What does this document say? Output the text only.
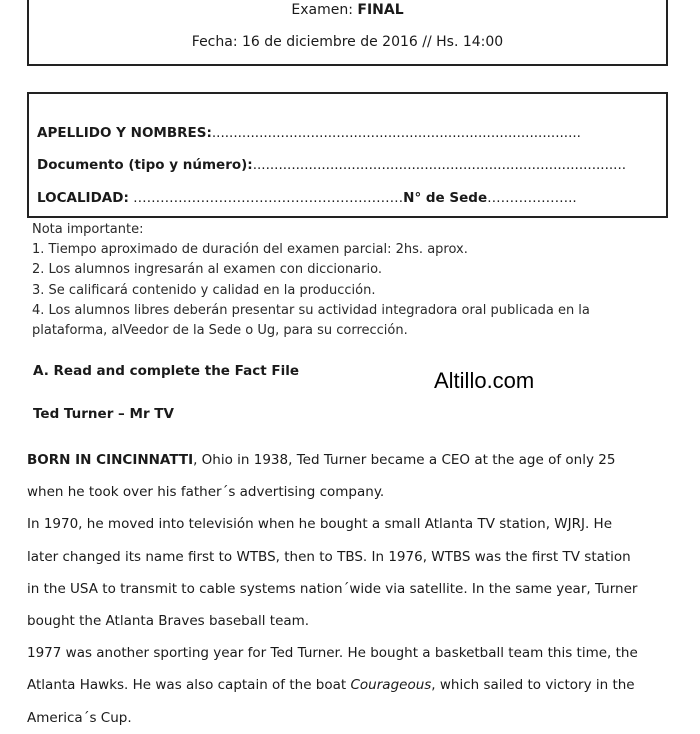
Examen: FINAL
Fecha: 16 de diciembre de 2016 // Hs. 14:00
APELLIDO Y NOMBRES:......................................................................................
Documento (tipo y número):.......................................................................................
LOCALIDAD: ……………………………………………………N° de Sede………………..
Nota importante:
1. Tiempo aproximado de duración del examen parcial: 2hs. aprox.
2. Los alumnos ingresarán al examen con diccionario.
3. Se calificará contenido y calidad en la producción.
4. Los alumnos libres deberán presentar su actividad integradora oral publicada en la
plataforma, alVeedor de la Sede o Ug, para su corrección.
A. Read and complete the Fact File	Altillo.com
Ted Turner – Mr TV
BORN IN CINCINNATTI, Ohio in 1938, Ted Turner became a CEO at the age of only 25
when he took over his father´s advertising company.
In 1970, he moved into televisión when he bought a small Atlanta TV station, WJRJ. He
later changed its name first to WTBS, then to TBS. In 1976, WTBS was the first TV station
in the USA to transmit to cable systems nation´wide via satellite. In the same year, Turner
bought the Atlanta Braves baseball team.
1977 was another sporting year for Ted Turner. He bought a basketball team this time, the
Atlanta Hawks. He was also captain of the boat Courageous, which sailed to victory in the
America´s Cup.
